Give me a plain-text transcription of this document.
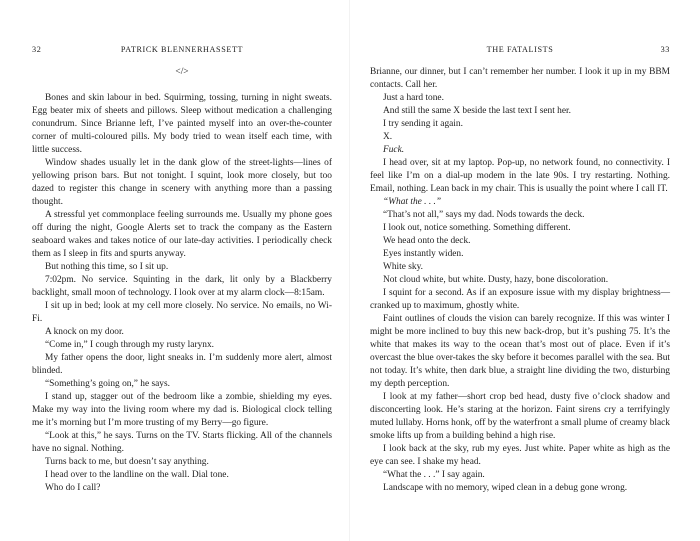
32	PATRICK BLENNERHASSETT

</>

Bones and skin labour in bed. Squirming, tossing, turning in night sweats. Egg beater mix of sheets and pillows. Sleep without medication a challenging conundrum. Since Brianne left, I’ve painted myself into an over-the-counter corner of multi-coloured pills. My body tried to wean itself each time, with little success.

Window shades usually let in the dank glow of the street-lights—lines of yellowing prison bars. But not tonight. I squint, look more closely, but too dazed to register this change in scenery with anything more than a passing thought.

A stressful yet commonplace feeling surrounds me. Usually my phone goes off during the night, Google Alerts set to track the company as the Eastern seaboard wakes and takes notice of our late-day activities. I periodically check them as I sleep in fits and spurts anyway.

But nothing this time, so I sit up.

7:02pm. No service. Squinting in the dark, lit only by a Blackberry backlight, small moon of technology. I look over at my alarm clock—8:15am.

I sit up in bed; look at my cell more closely. No service. No emails, no Wi-Fi.

A knock on my door.

“Come in,” I cough through my rusty larynx.

My father opens the door, light sneaks in. I’m suddenly more alert, almost blinded.

“Something’s going on,” he says.

I stand up, stagger out of the bedroom like a zombie, shielding my eyes. Make my way into the living room where my dad is. Biological clock telling me it’s morning but I’m more trusting of my Berry—go figure.

“Look at this,” he says. Turns on the TV. Starts flicking. All of the channels have no signal. Nothing.

Turns back to me, but doesn’t say anything.

I head over to the landline on the wall. Dial tone.

Who do I call?

THE FATALISTS	33

Brianne, our dinner, but I can’t remember her number. I look it up in my BBM contacts. Call her.

Just a hard tone.

And still the same X beside the last text I sent her.

I try sending it again.

X.

Fuck.

I head over, sit at my laptop. Pop-up, no network found, no connectivity. I feel like I’m on a dial-up modem in the late 90s. I try restarting. Nothing. Email, nothing. Lean back in my chair. This is usually the point where I call IT.

“What the . . .”

“That’s not all,” says my dad. Nods towards the deck.

I look out, notice something. Something different.

We head onto the deck.

Eyes instantly widen.

White sky.

Not cloud white, but white. Dusty, hazy, bone discoloration.

I squint for a second. As if an exposure issue with my display brightness—cranked up to maximum, ghostly white.

Faint outlines of clouds the vision can barely recognize. If this was winter I might be more inclined to buy this new back-drop, but it’s pushing 75. It’s the white that makes its way to the ocean that’s most out of place. Even if it’s overcast the blue over-takes the sky before it becomes parallel with the sea. But not today. It’s white, then dark blue, a straight line dividing the two, disturbing my depth perception.

I look at my father—short crop bed head, dusty five o’clock shadow and disconcerting look. He’s staring at the horizon. Faint sirens cry a terrifyingly muted lullaby. Horns honk, off by the waterfront a small plume of creamy black smoke lifts up from a building behind a high rise.

I look back at the sky, rub my eyes. Just white. Paper white as high as the eye can see. I shake my head.

“What the . . .” I say again.

Landscape with no memory, wiped clean in a debug gone wrong.
